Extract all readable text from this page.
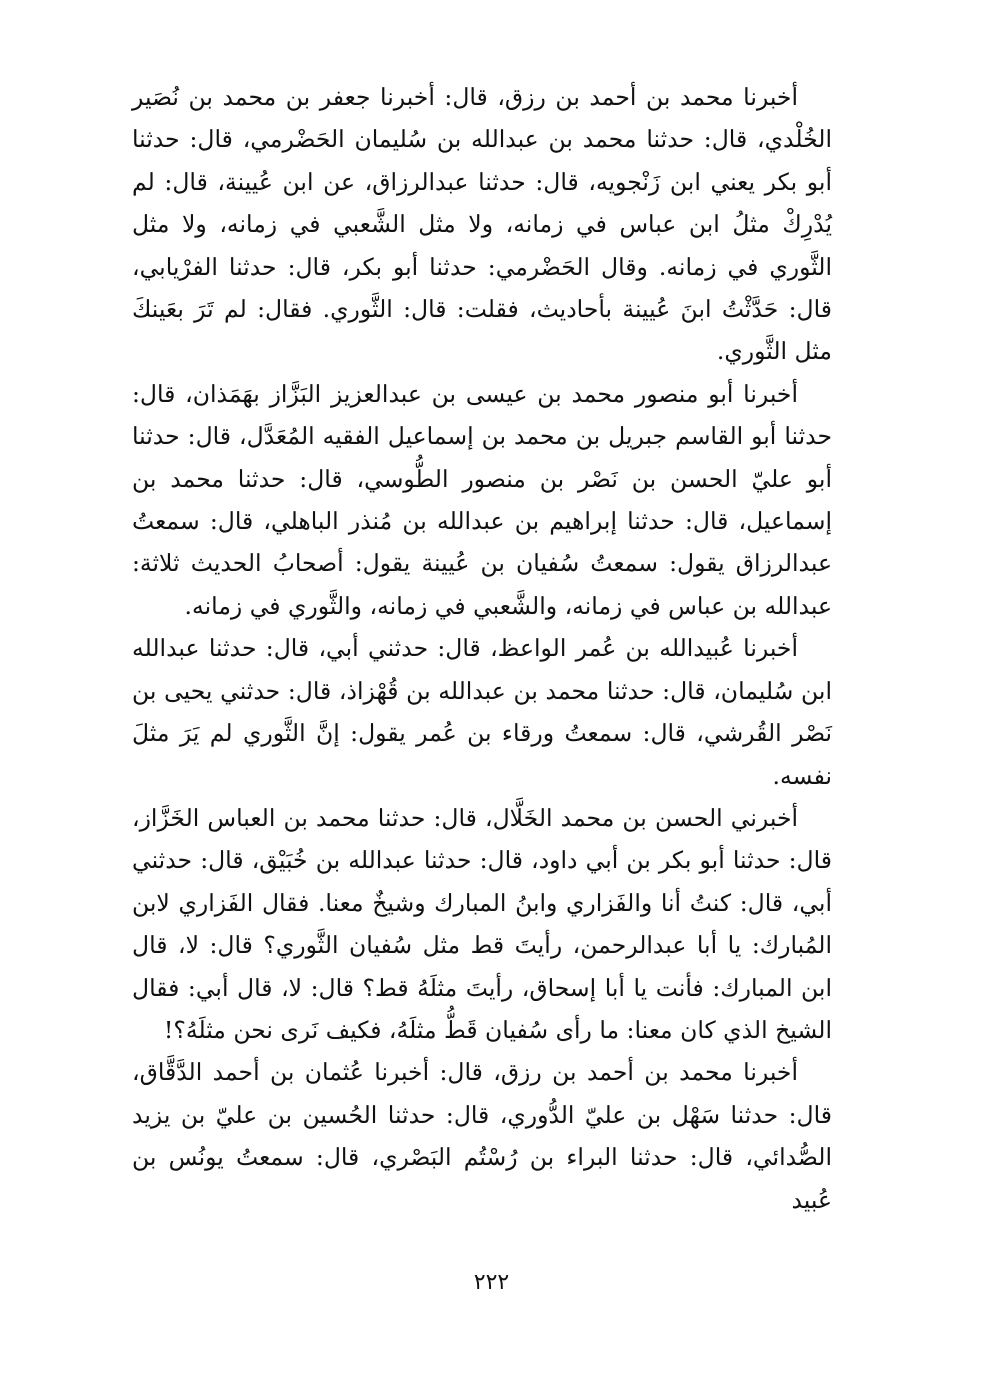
أخبرنا محمد بن أحمد بن رزق، قال: أخبرنا جعفر بن محمد بن نُصَير الخُلْدي، قال: حدثنا محمد بن عبدالله بن سُليمان الحَضْرمي، قال: حدثنا أبو بكر يعني ابن زَنْجويه، قال: حدثنا عبدالرزاق، عن ابن عُيينة، قال: لم يُدْرِكْ مثلُ ابن عباس في زمانه، ولا مثل الشَّعبي في زمانه، ولا مثل الثَّوري في زمانه. وقال الحَضْرمي: حدثنا أبو بكر، قال: حدثنا الفرْيابي، قال: حَدَّثْتُ ابنَ عُيينة بأحاديث، فقلت: قال: الثَّوري. فقال: لم تَرَ بعَينكَ مثل الثَّوري.

أخبرنا أبو منصور محمد بن عيسى بن عبدالعزيز البَزَّاز بهَمَذان، قال: حدثنا أبو القاسم جبريل بن محمد بن إسماعيل الفقيه المُعَدَّل، قال: حدثنا أبو عليّ الحسن بن نَصْر بن منصور الطُّوسي، قال: حدثنا محمد بن إسماعيل، قال: حدثنا إبراهيم بن عبدالله بن مُنذر الباهلي، قال: سمعتُ عبدالرزاق يقول: سمعتُ سُفيان بن عُيينة يقول: أصحابُ الحديث ثلاثة: عبدالله بن عباس في زمانه، والشَّعبي في زمانه، والثَّوري في زمانه.

أخبرنا عُبيدالله بن عُمر الواعظ، قال: حدثني أبي، قال: حدثنا عبدالله ابن سُليمان، قال: حدثنا محمد بن عبدالله بن قُهْزاذ، قال: حدثني يحيى بن نَصْر القُرشي، قال: سمعتُ ورقاء بن عُمر يقول: إنَّ الثَّوري لم يَرَ مثلَ نفسه.

أخبرني الحسن بن محمد الخَلَّال، قال: حدثنا محمد بن العباس الخَزَّاز، قال: حدثنا أبو بكر بن أبي داود، قال: حدثنا عبدالله بن خُبَيْق، قال: حدثني أبي، قال: كنتُ أنا والفَزاري وابنُ المبارك وشيخٌ معنا. فقال الفَزاري لابن المُبارك: يا أبا عبدالرحمن، رأيتَ قط مثل سُفيان الثَّوري؟ قال: لا، قال ابن المبارك: فأنت يا أبا إسحاق، رأيتَ مثلَهُ قط؟ قال: لا، قال أبي: فقال الشيخ الذي كان معنا: ما رأى سُفيان قَطُّ مثلَهُ، فكيف نَرى نحن مثلَهُ؟!

أخبرنا محمد بن أحمد بن رزق، قال: أخبرنا عُثمان بن أحمد الدَّقَّاق، قال: حدثنا سَهْل بن عليّ الدُّوري، قال: حدثنا الحُسين بن عليّ بن يزيد الصُّدائي، قال: حدثنا البراء بن رُسْتُم البَصْري، قال: سمعتُ يونُس بن عُبيد

٢٢٢
